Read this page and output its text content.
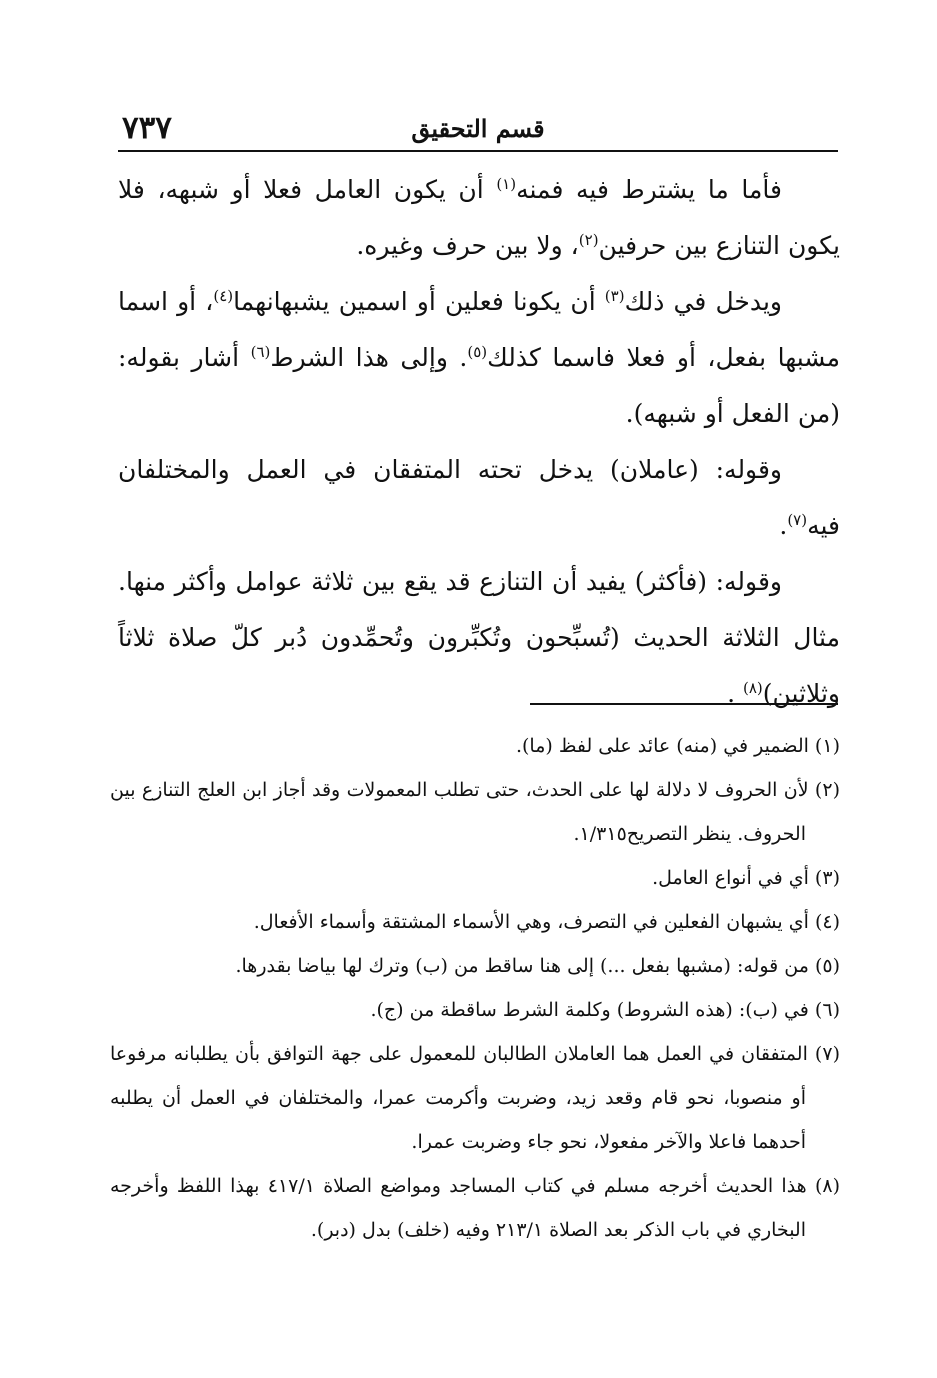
٧٣٧	قسم التحقيق

فأما ما يشترط فيه فمنه$^{(١)}$ أن يكون العامل فعلا أو شبهه، فلا يكون التنازع بين حرفين$^{(٢)}$، ولا بين حرف وغيره.

ويدخل في ذلك$^{(٣)}$ أن يكونا فعلين أو اسمين يشبهانهما$^{(٤)}$، أو اسما مشبها بفعل، أو فعلا فاسما كذلك$^{(٥)}$. وإلى هذا الشرط$^{(٦)}$ أشار بقوله: (من الفعل أو شبهه).

وقوله: (عاملان) يدخل تحته المتفقان في العمل والمختلفان فيه$^{(٧)}$.

وقوله: (فأكثر) يفيد أن التنازع قد يقع بين ثلاثة عوامل وأكثر منها. مثال الثلاثة الحديث (تُسبِّحون وتُكبِّرون وتُحمِّدون دُبر كلّ صلاة ثلاثاً وثلاثين)$^{(٨)}$ .

(١) الضمير في (منه) عائد على لفظ (ما).

(٢) لأن الحروف لا دلالة لها على الحدث، حتى تطلب المعمولات وقد أجاز ابن العلج التنازع بين الحروف. ينظر التصريح١/٣١٥.

(٣) أي في أنواع العامل.

(٤) أي يشبهان الفعلين في التصرف، وهي الأسماء المشتقة وأسماء الأفعال.

(٥) من قوله: (مشبها بفعل ...) إلى هنا ساقط من (ب) وترك لها بياضا بقدرها.

(٦) في (ب): (هذه الشروط) وكلمة الشرط ساقطة من (ج).

(٧) المتفقان في العمل هما العاملان الطالبان للمعمول على جهة التوافق بأن يطلبانه مرفوعا أو منصوبا، نحو قام وقعد زيد، وضربت وأكرمت عمرا، والمختلفان في العمل أن يطلبه أحدهما فاعلا والآخر مفعولا، نحو جاء وضربت عمرا.

(٨) هذا الحديث أخرجه مسلم في كتاب المساجد ومواضع الصلاة ٤١٧/١ بهذا اللفظ وأخرجه البخاري في باب الذكر بعد الصلاة ٢١٣/١ وفيه (خلف) بدل (دبر).
